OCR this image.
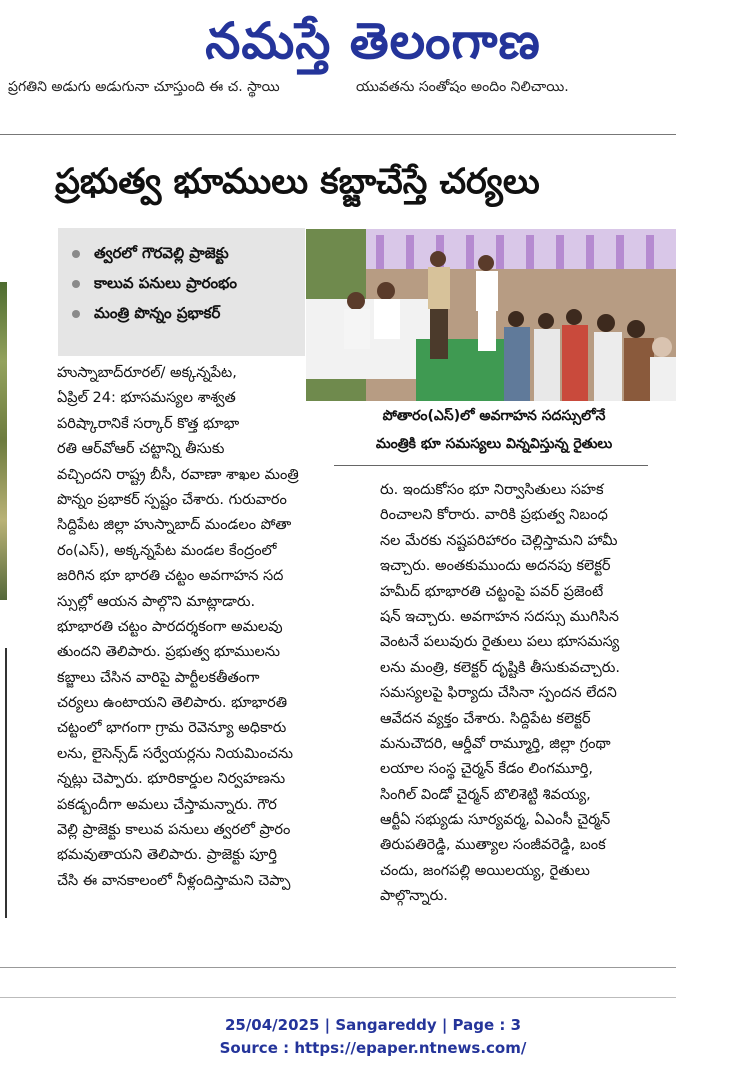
నమస్తే తెలంగాణ
ప్రగతిని అడుగు అడుగునా చూస్తుంది ఈ చ. స్థాయి	యువతను సంతోషం అందిం నిలిచాయి.
ప్రభుత్వ భూములు కబ్జాచేస్తే చర్యలు
త్వరలో గౌరవెల్లి ప్రాజెక్టు
కాలువ పనులు ప్రారంభం
మంత్రి పొన్నం ప్రభాకర్
పోతారం(ఎస్)లో అవగాహన సదస్సులోనే
మంత్రికి భూ సమస్యలు విన్నవిస్తున్న రైతులు
హుస్నాబాద్‌రూరల్/ అక్కన్నపేట,
ఏప్రిల్ 24: భూసమస్యల శాశ్వత
పరిష్కారానికే సర్కార్ కొత్త భూభా
రతి ఆర్‌వోఆర్ చట్టాన్ని తీసుకు
వచ్చిందని రాష్ట్ర బీసీ, రవాణా శాఖల మంత్రి
పొన్నం ప్రభాకర్ స్పష్టం చేశారు. గురువారం
సిద్దిపేట జిల్లా హుస్నాబాద్ మండలం పోతా
రం(ఎస్), అక్కన్నపేట మండల కేంద్రంలో
జరిగిన భూ భారతి చట్టం అవగాహన సద
స్సుల్లో ఆయన పాల్గొని మాట్లాడారు.
భూభారతి చట్టం పారదర్శకంగా అమలవు
తుందని తెలిపారు. ప్రభుత్వ భూములను
కబ్జాలు చేసిన వారిపై పార్టీలకతీతంగా
చర్యలు ఉంటాయని తెలిపారు. భూభారతి
చట్టంలో భాగంగా గ్రామ రెవెన్యూ అధికారు
లను, లైసెన్స్‌డ్ సర్వేయర్లను నియమించను
న్నట్లు చెప్పారు. భూరికార్డుల నిర్వహణను
పకడ్బందీగా అమలు చేస్తామన్నారు. గౌర
వెల్లి ప్రాజెక్టు కాలువ పనులు త్వరలో ప్రారం
భమవుతాయని తెలిపారు. ప్రాజెక్టు పూర్తి
చేసి ఈ వానకాలంలో నీళ్లందిస్తామని చెప్పా
రు. ఇందుకోసం భూ నిర్వాసితులు సహక
రించాలని కోరారు. వారికి ప్రభుత్వ నిబంధ
నల మేరకు నష్టపరిహారం చెల్లిస్తామని హామీ
ఇచ్చారు. అంతకుముందు అదనపు కలెక్టర్
హమీద్ భూభారతి చట్టంపై పవర్ ప్రజెంటే
షన్ ఇచ్చారు. అవగాహన సదస్సు ముగిసిన
వెంటనే పలువురు రైతులు పలు భూసమస్య
లను మంత్రి, కలెక్టర్ దృష్టికి తీసుకువచ్చారు.
సమస్యలపై ఫిర్యాదు చేసినా స్పందన లేదని
ఆవేదన వ్యక్తం చేశారు. సిద్దిపేట కలెక్టర్
మనుచౌదరి, ఆర్డీవో రామ్మూర్తి, జిల్లా గ్రంథా
లయాల సంస్థ చైర్మన్ కేడం లింగమూర్తి,
సింగిల్ విండో చైర్మన్ బొలిశెట్టి శివయ్య,
ఆర్టీఏ సభ్యుడు సూర్యవర్మ, ఏఎంసీ చైర్మన్
తిరుపతిరెడ్డి, ముత్యాల సంజీవరెడ్డి, బంక
చందు, జంగపల్లి అయిలయ్య, రైతులు
పాల్గొన్నారు.
25/04/2025 | Sangareddy | Page : 3
Source : https://epaper.ntnews.com/
